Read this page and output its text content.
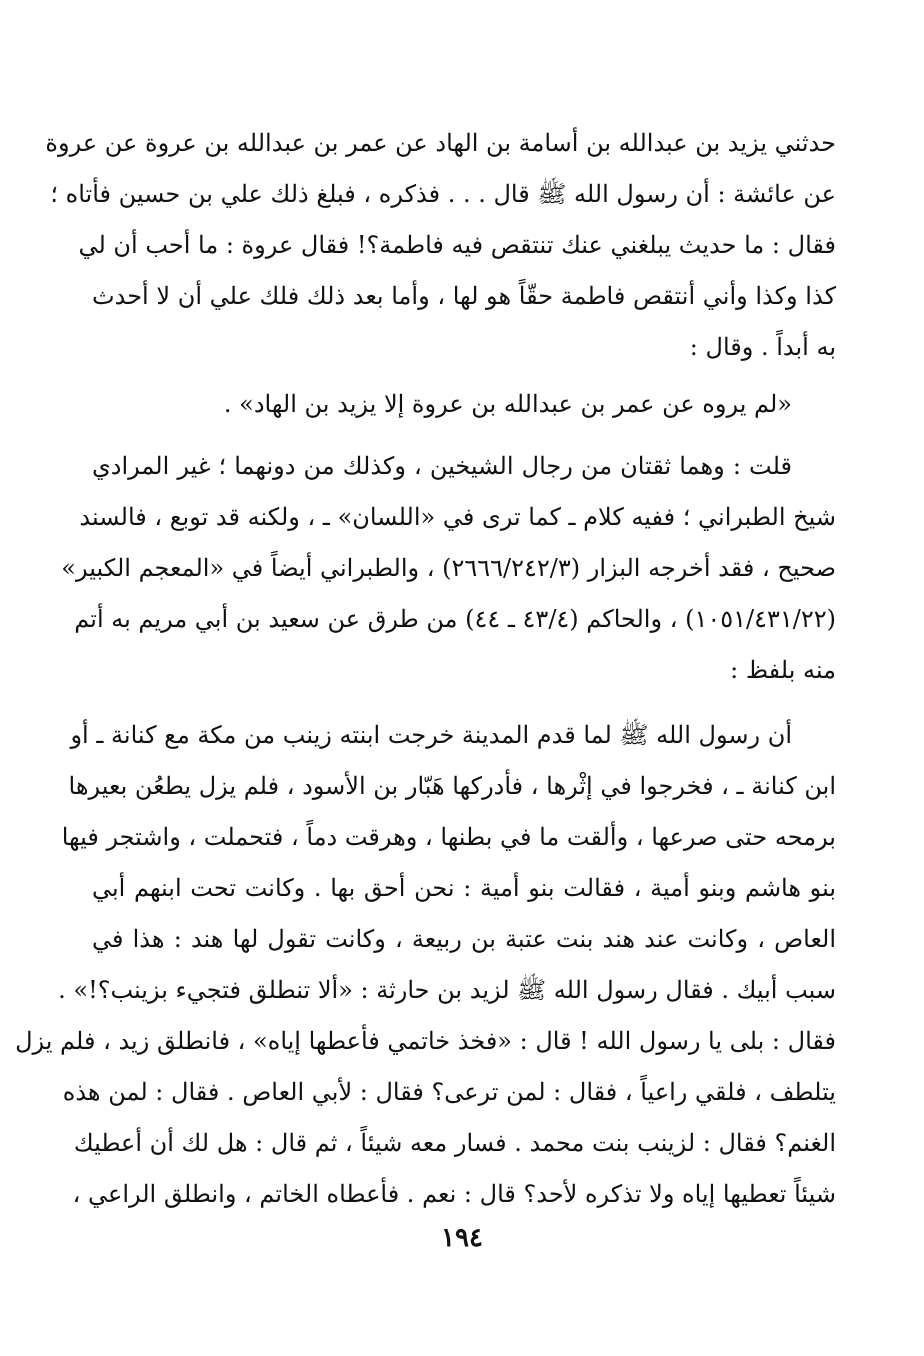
حدثني يزيد بن عبدالله بن أسامة بن الهاد عن عمر بن عبدالله بن عروة عن عروة
عن عائشة : أن رسول الله ﷺ قال . . . فذكره ، فبلغ ذلك علي بن حسين فأتاه ؛
فقال : ما حديث يبلغني عنك تنتقص فيه فاطمة؟! فقال عروة : ما أحب أن لي
كذا وكذا وأني أنتقص فاطمة حقّاً هو لها ، وأما بعد ذلك فلك علي أن لا أحدث
به أبداً . وقال :
«لم يروه عن عمر بن عبدالله بن عروة إلا يزيد بن الهاد» .
قلت : وهما ثقتان من رجال الشيخين ، وكذلك من دونهما ؛ غير المرادي
شيخ الطبراني ؛ ففيه كلام ـ كما ترى في «اللسان» ـ ، ولكنه قد توبع ، فالسند
صحيح ، فقد أخرجه البزار (٢٦٦٦/٢٤٢/٣) ، والطبراني أيضاً في «المعجم الكبير»
(١٠٥١/٤٣١/٢٢) ، والحاكم (٤٣/٤ ـ ٤٤) من طرق عن سعيد بن أبي مريم به أتم
منه بلفظ :
أن رسول الله ﷺ لما قدم المدينة خرجت ابنته زينب من مكة مع كنانة ـ أو
ابن كنانة ـ ، فخرجوا في إثْرها ، فأدركها هَبّار بن الأسود ، فلم يزل يطعُن بعيرها
برمحه حتى صرعها ، وألقت ما في بطنها ، وهرقت دماً ، فتحملت ، واشتجر فيها
بنو هاشم وبنو أمية ، فقالت بنو أمية : نحن أحق بها . وكانت تحت ابنهم أبي
العاص ، وكانت عند هند بنت عتبة بن ربيعة ، وكانت تقول لها هند : هذا في
سبب أبيك . فقال رسول الله ﷺ لزيد بن حارثة : «ألا تنطلق فتجيء بزينب؟!» .
فقال : بلى يا رسول الله ! قال : «فخذ خاتمي فأعطها إياه» ، فانطلق زيد ، فلم يزل
يتلطف ، فلقي راعياً ، فقال : لمن ترعى؟ فقال : لأبي العاص . فقال : لمن هذه
الغنم؟ فقال : لزينب بنت محمد . فسار معه شيئاً ، ثم قال : هل لك أن أعطيك
شيئاً تعطيها إياه ولا تذكره لأحد؟ قال : نعم . فأعطاه الخاتم ، وانطلق الراعي ،
١٩٤
